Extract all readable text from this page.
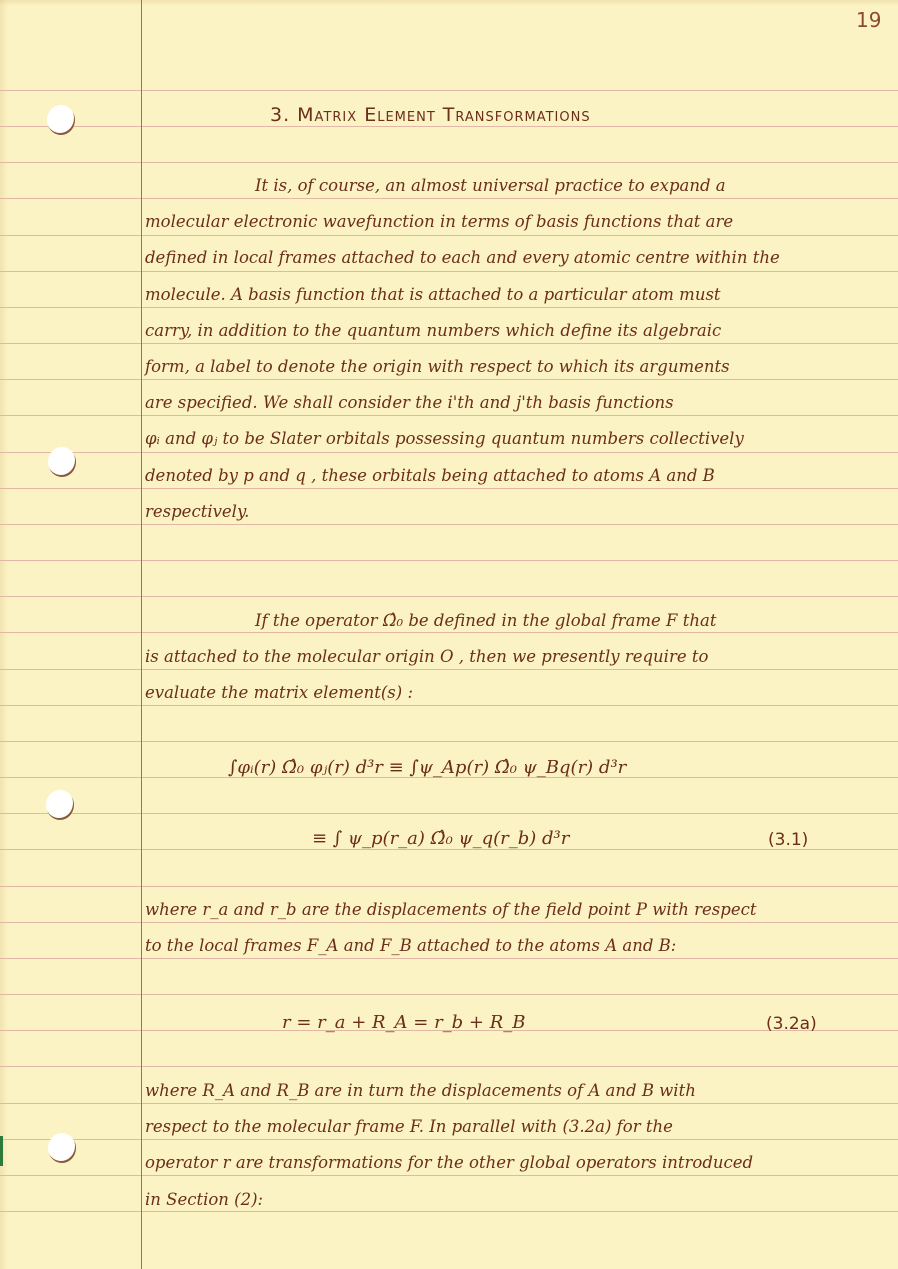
19
3. Matrix Element Transformations
It is, of course, an almost universal practice to expand a
molecular electronic wavefunction in terms of basis functions that are
defined in local frames attached to each and every atomic centre within the
molecule. A basis function that is attached to a particular atom must
carry, in addition to the quantum numbers which define its algebraic
form, a label to denote the origin with respect to which its arguments
are specified. We shall consider the i'th and j'th basis functions
φᵢ and φⱼ to be Slater orbitals possessing quantum numbers collectively
denoted by p and q , these orbitals being attached to atoms A and B
respectively.
If the operator Ω̂₀ be defined in the global frame F that
is attached to the molecular origin O , then we presently require to
evaluate the matrix element(s) :
∫φᵢ(r) Ω̂₀ φⱼ(r) d³r ≡ ∫ψ_Ap(r) Ω̂₀ ψ_Bq(r) d³r
≡ ∫ ψ_p(r_a) Ω̂₀ ψ_q(r_b) d³r	(3.1)
where r_a and r_b are the displacements of the field point P with respect
to the local frames F_A and F_B attached to the atoms A and B:
r = r_a + R_A = r_b + R_B	(3.2a)
where R_A and R_B are in turn the displacements of A and B with
respect to the molecular frame F. In parallel with (3.2a) for the
operator r are transformations for the other global operators introduced
in Section (2):
